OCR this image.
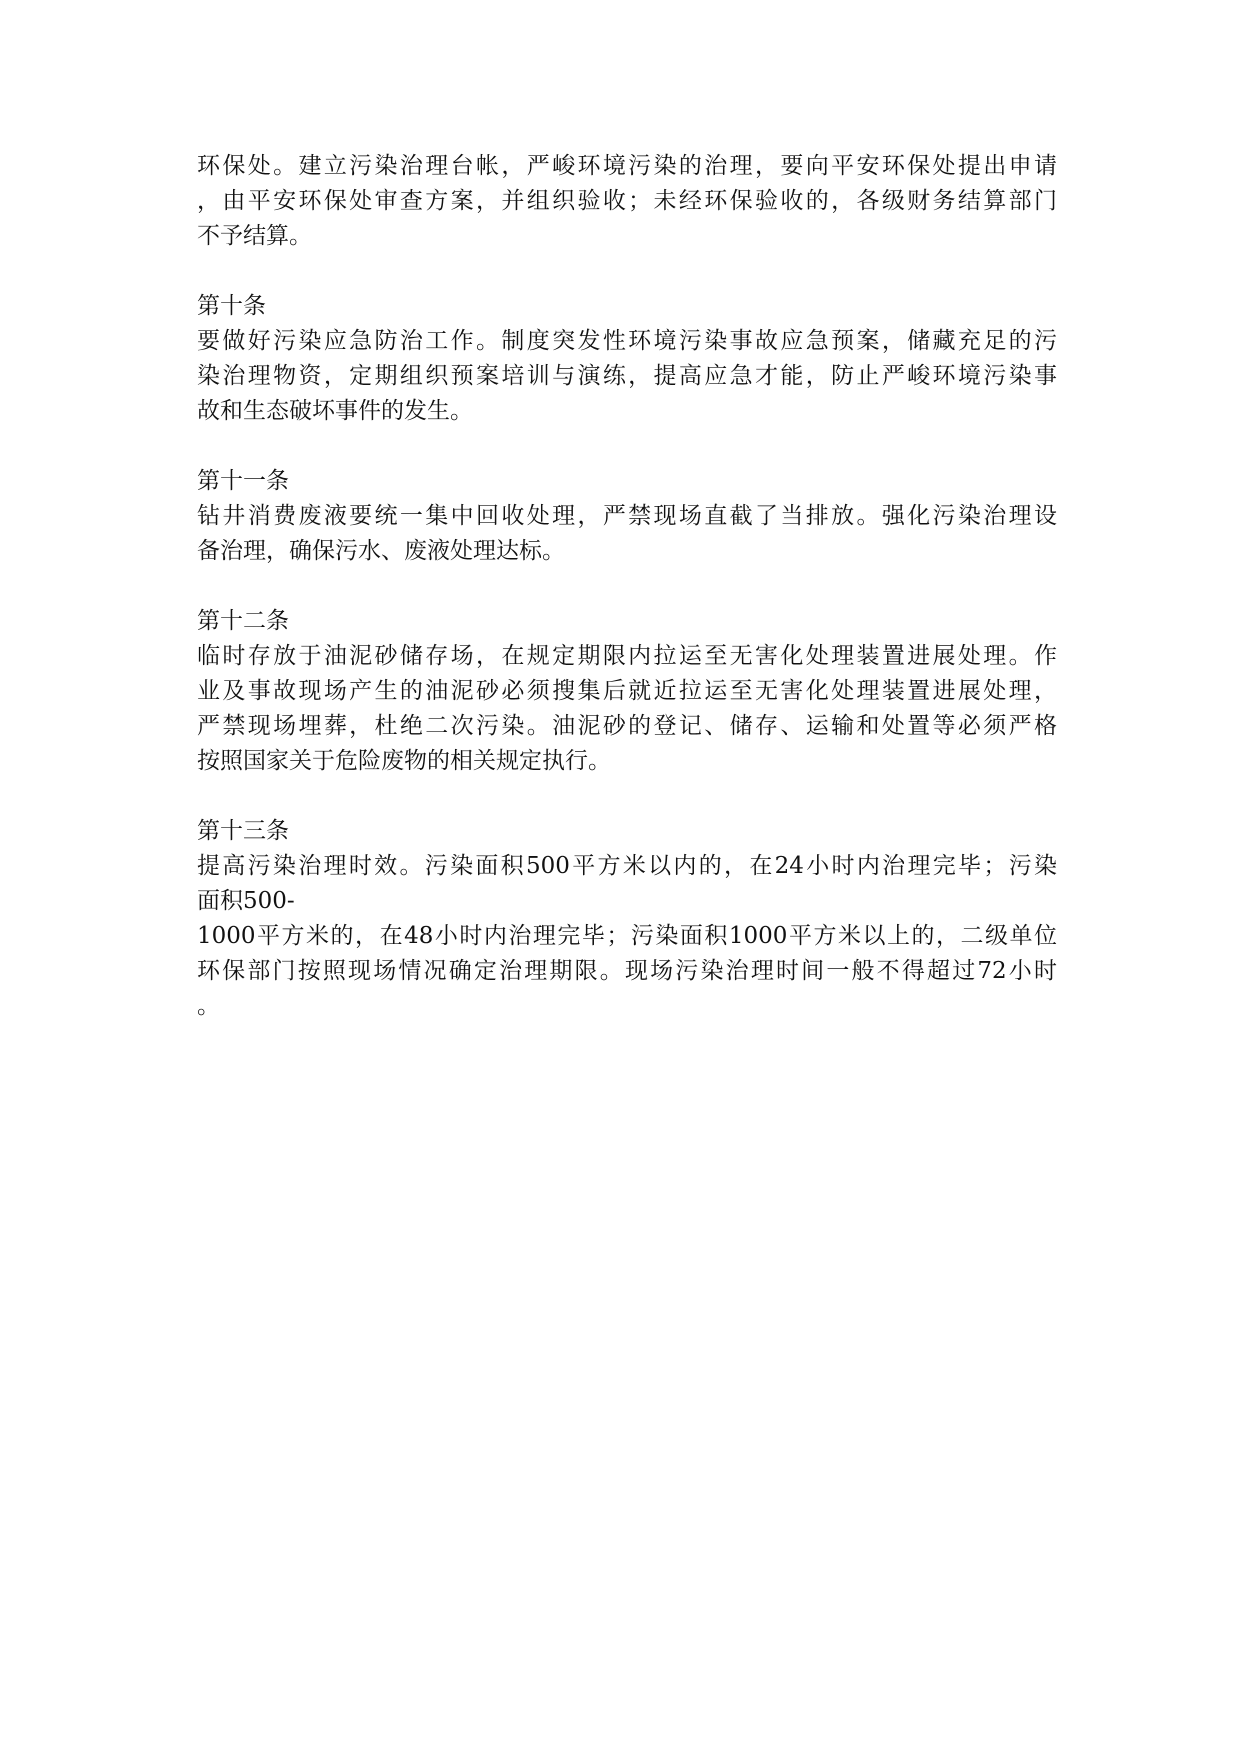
环保处。建立污染治理台帐，严峻环境污染的治理，要向平安环保处提出申请
，由平安环保处审查方案，并组织验收；未经环保验收的，各级财务结算部门
不予结算。
第十条
要做好污染应急防治工作。制度突发性环境污染事故应急预案，储藏充足的污
染治理物资，定期组织预案培训与演练，提高应急才能，防止严峻环境污染事
故和生态破坏事件的发生。
第十一条
钻井消费废液要统一集中回收处理，严禁现场直截了当排放。强化污染治理设
备治理，确保污水、废液处理达标。
第十二条
临时存放于油泥砂储存场，在规定期限内拉运至无害化处理装置进展处理。作
业及事故现场产生的油泥砂必须搜集后就近拉运至无害化处理装置进展处理，
严禁现场埋葬，杜绝二次污染。油泥砂的登记、储存、运输和处置等必须严格
按照国家关于危险废物的相关规定执行。
第十三条
提高污染治理时效。污染面积500平方米以内的，在24小时内治理完毕；污染
面积500-
1000平方米的，在48小时内治理完毕；污染面积1000平方米以上的，二级单位
环保部门按照现场情况确定治理期限。现场污染治理时间一般不得超过72小时
。
